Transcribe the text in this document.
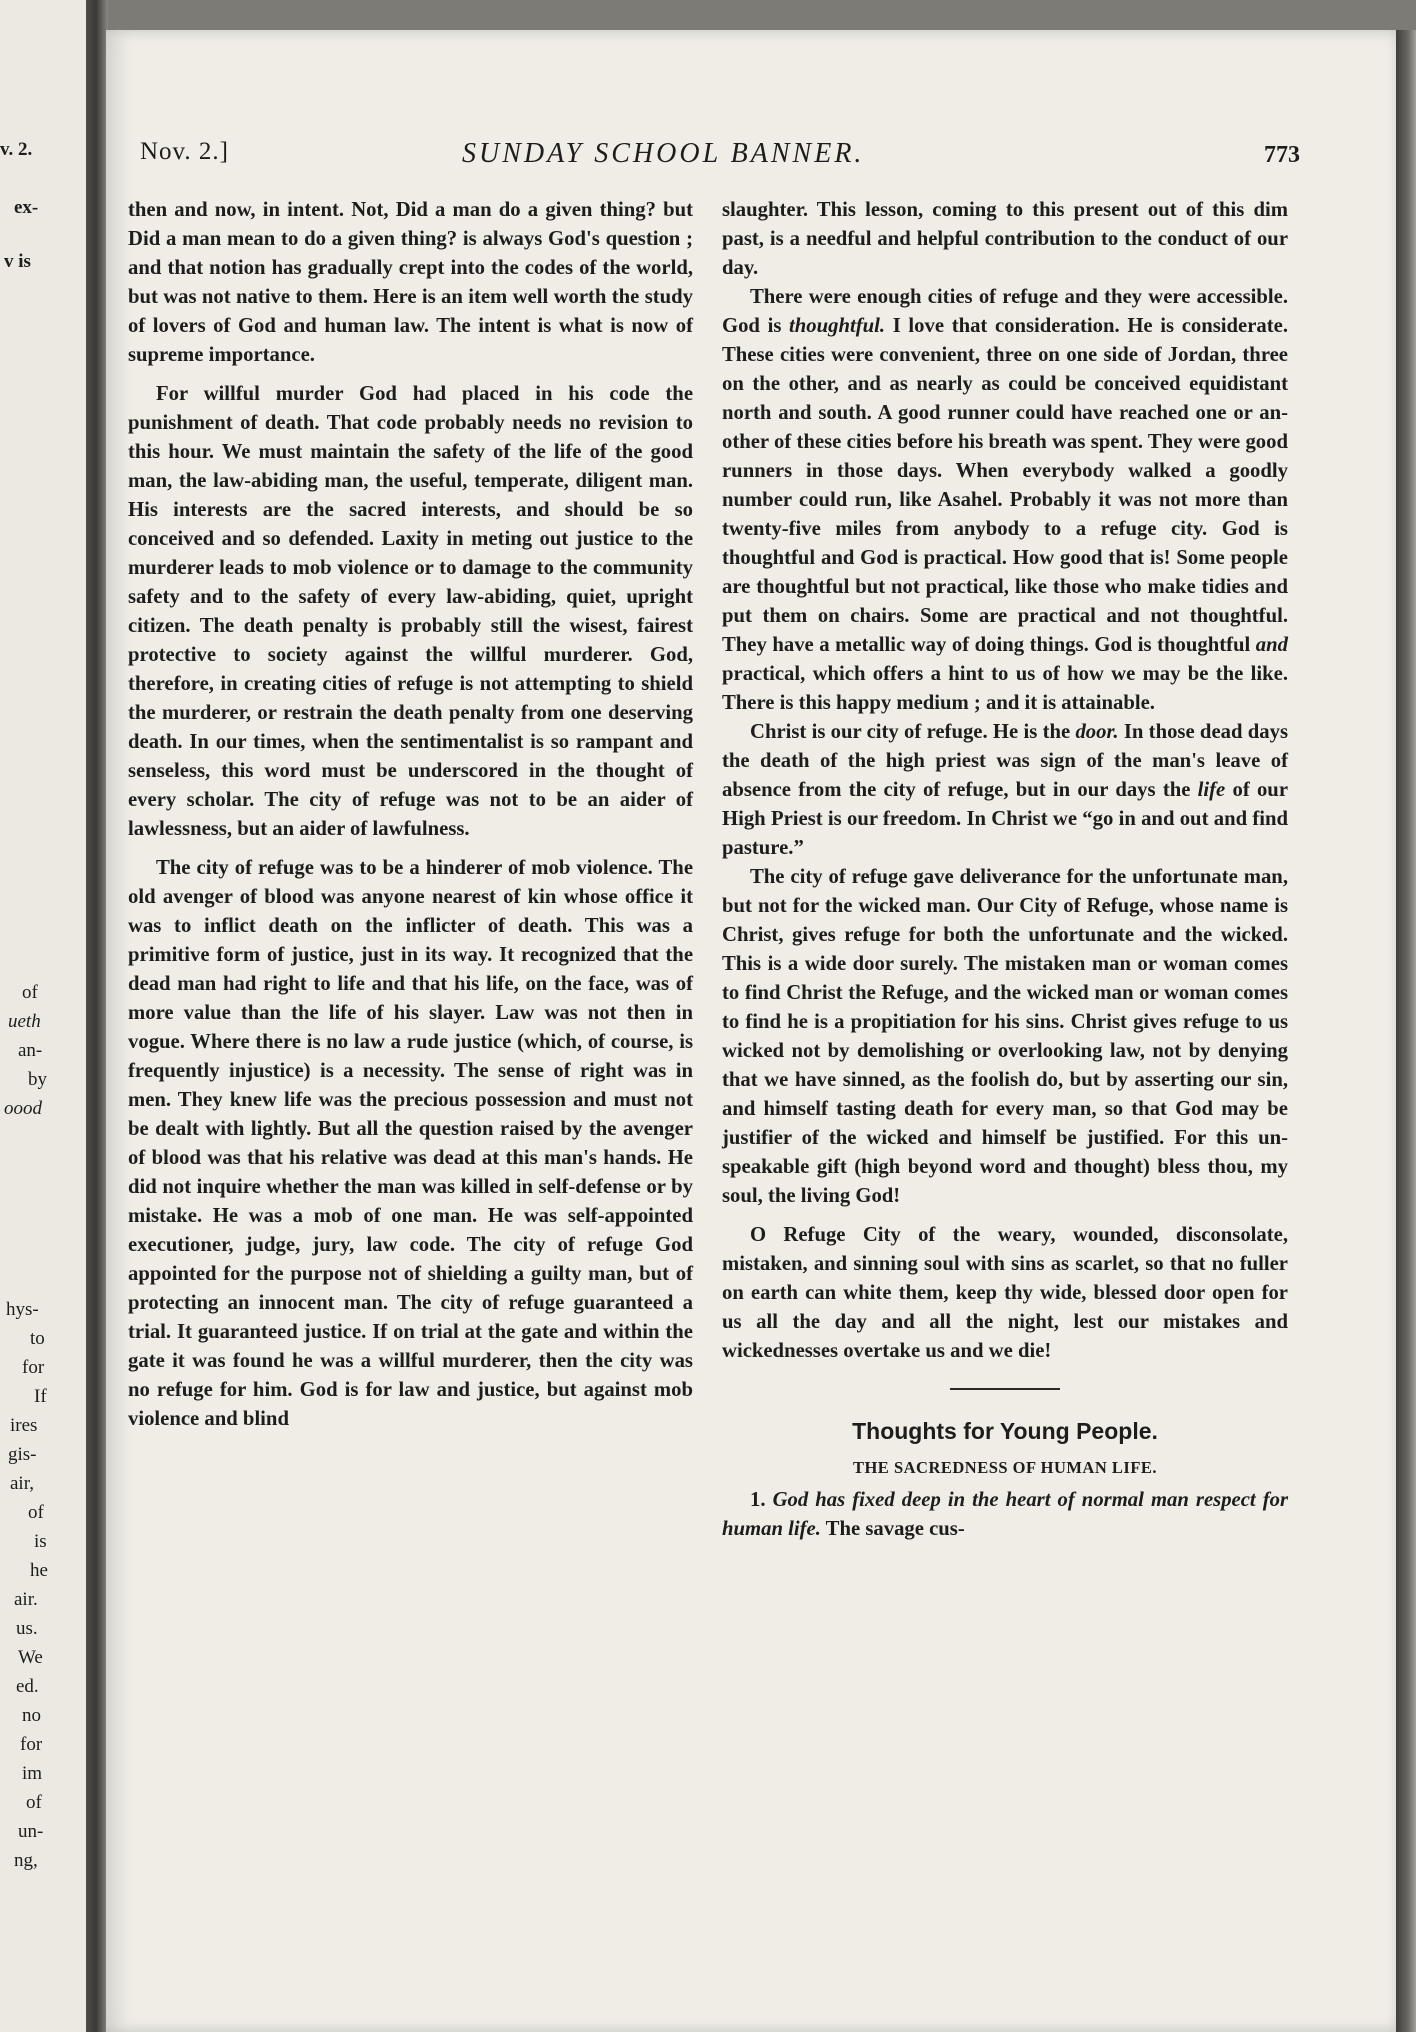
v. 2.
ex-
v is
of
ueth
an-
by
oood
hys-
to
for
If
ires
gis-
air,
of
is
he
air.
us.
We
ed.
no
for
im
of
un-
ng,
Nov. 2.]	SUNDAY SCHOOL BANNER.	773

then and now, in intent. Not, Did a man do a given thing? but Did a man mean to do a given thing? is always God's question ; and that notion has gradually crept into the codes of the world, but was not native to them. Here is an item well worth the study of lovers of God and human law. The intent is what is now of supreme importance.

For willful murder God had placed in his code the punishment of death. That code probably needs no revision to this hour. We must maintain the safety of the life of the good man, the law-abiding man, the useful, temperate, diligent man. His interests are the sacred interests, and should be so conceived and so defended. Laxity in meting out justice to the murderer leads to mob violence or to damage to the community safety and to the safety of every law-abiding, quiet, upright citizen. The death penalty is probably still the wisest, fairest protective to society against the willful murderer. God, therefore, in creating cities of refuge is not attempting to shield the murderer, or restrain the death penalty from one deserving death. In our times, when the sentimentalist is so rampant and senseless, this word must be underscored in the thought of every scholar. The city of refuge was not to be an aider of lawlessness, but an aider of lawfulness.

The city of refuge was to be a hinderer of mob violence. The old avenger of blood was anyone nearest of kin whose office it was to inflict death on the inflicter of death. This was a primitive form of justice, just in its way. It recognized that the dead man had right to life and that his life, on the face, was of more value than the life of his slayer. Law was not then in vogue. Where there is no law a rude justice (which, of course, is frequently injustice) is a necessity. The sense of right was in men. They knew life was the precious possession and must not be dealt with lightly. But all the question raised by the avenger of blood was that his relative was dead at this man's hands. He did not inquire whether the man was killed in self-defense or by mistake. He was a mob of one man. He was self-appointed executioner, judge, jury, law code. The city of refuge God appointed for the purpose not of shielding a guilty man, but of protecting an innocent man. The city of refuge guaranteed a trial. It guaranteed justice. If on trial at the gate and within the gate it was found he was a willful murderer, then the city was no refuge for him. God is for law and justice, but against mob violence and blind

slaughter. This lesson, coming to this present out of this dim past, is a needful and helpful contribution to the conduct of our day.

There were enough cities of refuge and they were accessible. God is thoughtful. I love that consideration. He is considerate. These cities were convenient, three on one side of Jordan, three on the other, and as nearly as could be conceived equidistant north and south. A good runner could have reached one or another of these cities before his breath was spent. They were good runners in those days. When everybody walked a goodly number could run, like Asahel. Probably it was not more than twenty-five miles from anybody to a refuge city. God is thoughtful and God is practical. How good that is! Some people are thoughtful but not practical, like those who make tidies and put them on chairs. Some are practical and not thoughtful. They have a metallic way of doing things. God is thoughtful and practical, which offers a hint to us of how we may be the like. There is this happy medium ; and it is attainable.

Christ is our city of refuge. He is the door. In those dead days the death of the high priest was sign of the man's leave of absence from the city of refuge, but in our days the life of our High Priest is our freedom. In Christ we “go in and out and find pasture.”

The city of refuge gave deliverance for the unfortunate man, but not for the wicked man. Our City of Refuge, whose name is Christ, gives refuge for both the unfortunate and the wicked. This is a wide door surely. The mistaken man or woman comes to find Christ the Refuge, and the wicked man or woman comes to find he is a propitiation for his sins. Christ gives refuge to us wicked not by demolishing or overlooking law, not by denying that we have sinned, as the foolish do, but by asserting our sin, and himself tasting death for every man, so that God may be justifier of the wicked and himself be justified. For this unspeakable gift (high beyond word and thought) bless thou, my soul, the living God!

O Refuge City of the weary, wounded, disconsolate, mistaken, and sinning soul with sins as scarlet, so that no fuller on earth can white them, keep thy wide, blessed door open for us all the day and all the night, lest our mistakes and wickednesses overtake us and we die!

Thoughts for Young People.

THE SACREDNESS OF HUMAN LIFE.

1. God has fixed deep in the heart of normal man respect for human life. The savage cus-
